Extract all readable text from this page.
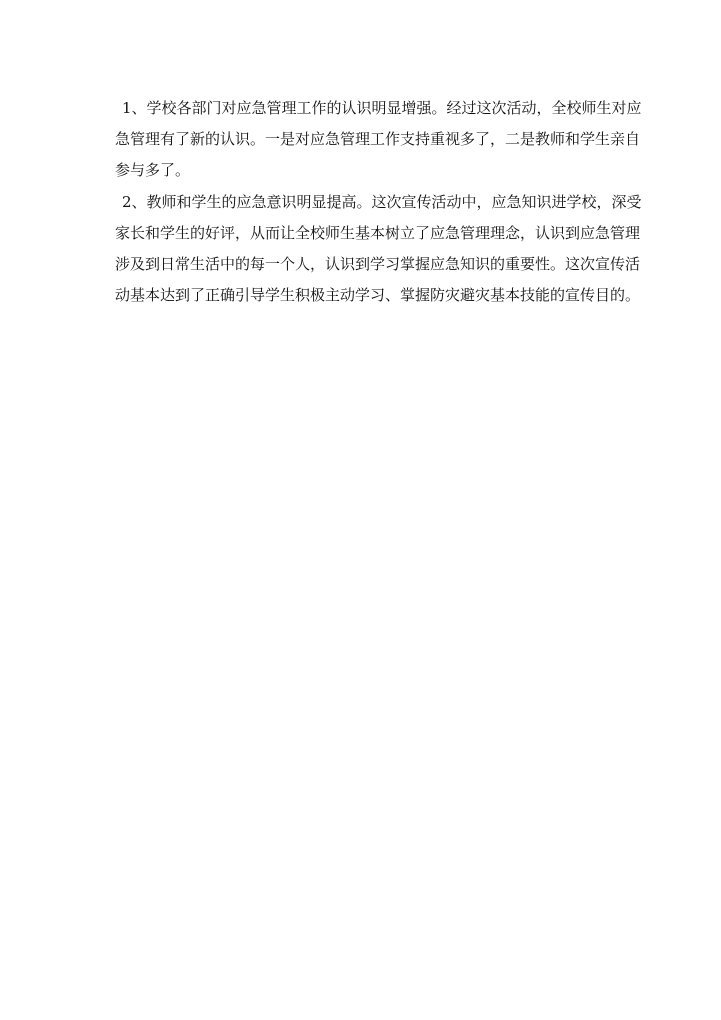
1、学校各部门对应急管理工作的认识明显增强。经过这次活动，全校师生对应
急管理有了新的认识。一是对应急管理工作支持重视多了，二是教师和学生亲自
参与多了。
2、教师和学生的应急意识明显提高。这次宣传活动中，应急知识进学校，深受
家长和学生的好评，从而让全校师生基本树立了应急管理理念，认识到应急管理
涉及到日常生活中的每一个人，认识到学习掌握应急知识的重要性。这次宣传活
动基本达到了正确引导学生积极主动学习、掌握防灾避灾基本技能的宣传目的。
